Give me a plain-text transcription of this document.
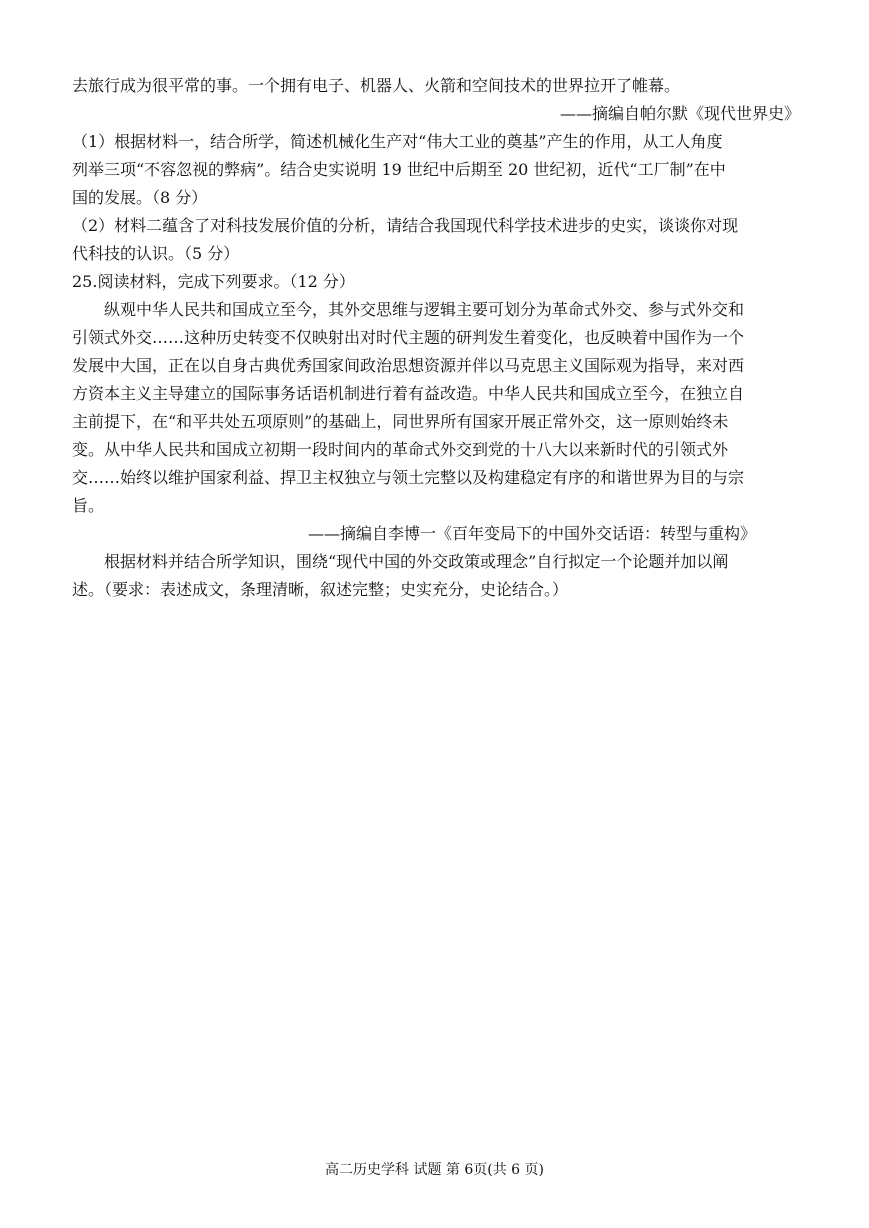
去旅行成为很平常的事。一个拥有电子、机器人、火箭和空间技术的世界拉开了帷幕。
——摘编自帕尔默《现代世界史》
（1）根据材料一，结合所学，简述机械化生产对“伟大工业的奠基”产生的作用，从工人角度
列举三项“不容忽视的弊病”。结合史实说明 19 世纪中后期至 20 世纪初，近代“工厂制”在中
国的发展。（8 分）
（2）材料二蕴含了对科技发展价值的分析，请结合我国现代科学技术进步的史实，谈谈你对现
代科技的认识。（5 分）
25.阅读材料，完成下列要求。（12 分）
纵观中华人民共和国成立至今，其外交思维与逻辑主要可划分为革命式外交、参与式外交和
引领式外交……这种历史转变不仅映射出对时代主题的研判发生着变化，也反映着中国作为一个
发展中大国，正在以自身古典优秀国家间政治思想资源并伴以马克思主义国际观为指导，来对西
方资本主义主导建立的国际事务话语机制进行着有益改造。中华人民共和国成立至今，在独立自
主前提下，在“和平共处五项原则”的基础上，同世界所有国家开展正常外交，这一原则始终未
变。从中华人民共和国成立初期一段时间内的革命式外交到党的十八大以来新时代的引领式外
交……始终以维护国家利益、捍卫主权独立与领土完整以及构建稳定有序的和谐世界为目的与宗
旨。
——摘编自李博一《百年变局下的中国外交话语：转型与重构》
根据材料并结合所学知识，围绕“现代中国的外交政策或理念”自行拟定一个论题并加以阐
述。（要求：表述成文，条理清晰，叙述完整；史实充分，史论结合。）
高二历史学科 试题 第 6页(共 6 页)
